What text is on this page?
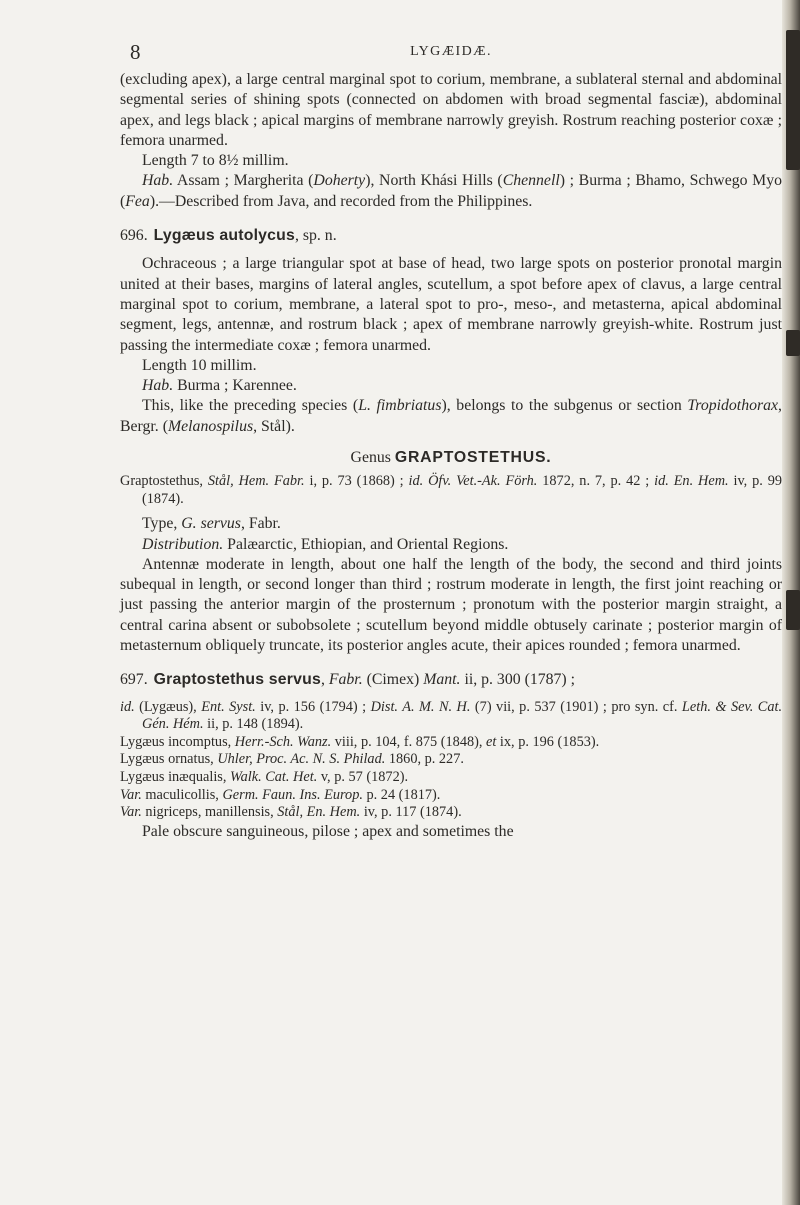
8	LYGÆIDÆ.

(excluding apex), a large central marginal spot to corium, membrane, a sublateral sternal and abdominal segmental series of shining spots (connected on abdomen with broad segmental fasciæ), abdominal apex, and legs black ; apical margins of membrane narrowly greyish. Rostrum reaching posterior coxæ ; femora unarmed.

Length 7 to 8½ millim.

Hab. Assam ; Margherita (Doherty), North Khási Hills (Chennell) ; Burma ; Bhamo, Schwego Myo (Fea).—Described from Java, and recorded from the Philippines.

696. Lygæus autolycus, sp. n.

Ochraceous ; a large triangular spot at base of head, two large spots on posterior pronotal margin united at their bases, margins of lateral angles, scutellum, a spot before apex of clavus, a large central marginal spot to corium, membrane, a lateral spot to pro-, meso-, and metasterna, apical abdominal segment, legs, antennæ, and rostrum black ; apex of membrane narrowly greyish-white. Rostrum just passing the intermediate coxæ ; femora unarmed.

Length 10 millim.

Hab. Burma ; Karennee.

This, like the preceding species (L. fimbriatus), belongs to the subgenus or section Tropidothorax, Bergr. (Melanospilus, Stål).

Genus GRAPTOSTETHUS.

Graptostethus, Stål, Hem. Fabr. i, p. 73 (1868) ; id. Öfv. Vet.-Ak. Förh. 1872, n. 7, p. 42 ; id. En. Hem. iv, p. 99 (1874).

Type, G. servus, Fabr.

Distribution. Palæarctic, Ethiopian, and Oriental Regions.

Antennæ moderate in length, about one half the length of the body, the second and third joints subequal in length, or second longer than third ; rostrum moderate in length, the first joint reaching or just passing the anterior margin of the prosternum ; pronotum with the posterior margin straight, a central carina absent or subobsolete ; scutellum beyond middle obtusely carinate ; posterior margin of metasternum obliquely truncate, its posterior angles acute, their apices rounded ; femora unarmed.

697. Graptostethus servus, Fabr. (Cimex) Mant. ii, p. 300 (1787) ;

id. (Lygæus), Ent. Syst. iv, p. 156 (1794) ; Dist. A. M. N. H. (7) vii, p. 537 (1901) ; pro syn. cf. Leth. & Sev. Cat. Gén. Hém. ii, p. 148 (1894).

Lygæus incomptus, Herr.-Sch. Wanz. viii, p. 104, f. 875 (1848), et ix, p. 196 (1853).

Lygæus ornatus, Uhler, Proc. Ac. N. S. Philad. 1860, p. 227.

Lygæus inæqualis, Walk. Cat. Het. v, p. 57 (1872).

Var. maculicollis, Germ. Faun. Ins. Europ. p. 24 (1817).

Var. nigriceps, manillensis, Stål, En. Hem. iv, p. 117 (1874).

Pale obscure sanguineous, pilose ; apex and sometimes the
